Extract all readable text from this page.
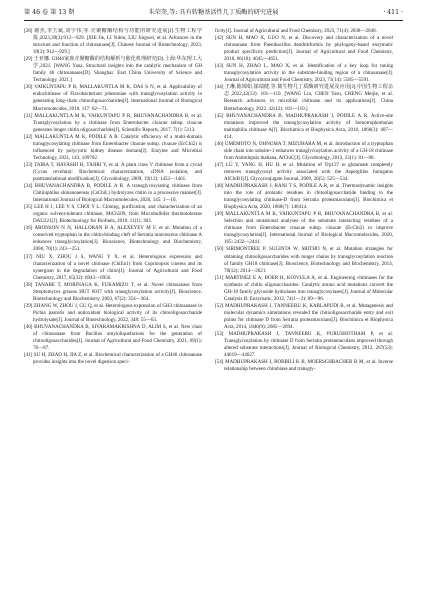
第 46 卷 第 13 期	朱荣奎,等: 具有转糖基活性几丁质酶的研究进展	· 411 ·

[28] 谢杰,李玉斌,刘宇伟,等.壳聚糖酶结构与功能的研究进展[J].生物工程学报,2023,39(3):912—929. [XIE Jie, LI Yubin, LIU Jingwei, et al. Advances in the structure and function of chitosanase[J]. Chinese Journal of Biotechnology, 2023, 39(3): 912—929.]

[29] 王亚娜. GH46家族壳聚糖酶的结构解析与催化机理研究[D].上海:华东理工大学,2021. [WANG Yana. Structural insights into the catalytic mechanism of GH family 46 chitosanases[D]. Shanghai: East China University of Science and Technology, 2021.]

[30] VAIKUNTAPU P R, MALLAKUNTLA M K, DAS S N, et al. Applicability of endochitinase of Flavobacterium johnsoniae with transglycosylation activity in generating long-chain chitooligosaccharides[J]. International Journal of Biological Macromolecules, 2018, 117: 62—71.

[31] MALLAKUNTLA M K, VAIKUNTAPU P R, BHUVANACHANDRA B, et al. Transglycosylation by a chitinase from Enterobacter cloacae subsp. cloacae generates longer chitin oligosaccharides[J]. Scientific Reports, 2017, 7(1): 5113.

[32] MALLAKUNTLA M K, PODILE A R. Catalytic efficiency of a multi-domain transglycosylating chitinase from Enterobacter cloacae subsp. cloacae (EcChi2) is influenced by polycystic kidney disease domain[J]. Enzyme and Microbial Technology, 2021, 143: 109702.

[33] TAIRA T, HAYASHI H, TAJIRI Y, et al. A plant class V chitinase from a cycad (Cycas revoluta): Biochemical characterization, cDNA isolation, and posttranslational modification[J]. Glycobiology, 2009, 19(12): 1452—1461.

[34] BHUVANACHANDRA B, PODILE A R. A transglycosylating chitinase from Chitiniphilus shinanonensis (CsChiL) hydrolyzes chitin in a processive manner[J]. International Journal of Biological Macromolecules, 2020, 145: 1—10.

[35] LEE H J, LEE Y S, CHOI Y L. Cloning, purification, and characterization of an organic solvent-tolerant chitinase, MtCh509, from Microbulbifer thermotolerans DAU221[J]. Biotechnology for Biofuels, 2018, 11(1): 303.

[36] ARONSON N N, HALLORAN B A, ALEXEYEV M F, et al. Mutation of a conserved tryptophan in the chitin-binding cleft of Serratia marcescens chitinase A enhances transglycosylation[J]. Bioscience, Biotechnology and Biochemistry, 2006, 70(1): 243—251.

[37] NIU X, ZHOU J S, WANG Y X, et al. Heterologous expression and characterization of a novel chitinase (ChiEn1) from Coprinopsis cinerea and its synergism in the degradation of chitin[J]. Journal of Agricultural and Food Chemistry, 2017, 65(32): 6943—6956.

[38] TANABE T, MORINAGA K, FUKAMIZO T, et al. Novel chitosanase from Streptomyces griseus HUT 6037 with transglycosylation activity[J]. Bioscience, Biotechnology and Biochemistry, 2003, 67(2): 354—364.

[39] ZHANG W, ZHOU J, GU Q, et al. Heterologous expression of GH3 chitosanase in Pichia pastoris and antioxidant biological activity of its chitooligosaccharide hydrolysate[J]. Journal of Biotechnology, 2022, 348: 55—63.

[40] BHUVANACHANDRA B, SIVARAMAKRISHNA D, ALIM S, et al. New class of chitosanase from Bacillus amyloliquefaciens for the generation of chitooligosaccharides[J]. Journal of Agricultural and Food Chemistry, 2021, 69(1): 78—87.

[41] SU H, ZHAO H, JIA Z, et al. Biochemical characterization of a GH46 chitosanase provides insights into the novel digestion speci-

ficity[J]. Journal of Agricultural and Food Chemistry, 2023, 71(4): 2038—2048.

[42] SUN H, MAO X, GUO N, et al. Discovery and characterization of a novel chitosanase from Paenibacillus dendritiformis by phylogeny-based enzymatic product specificity prediction[J]. Journal of Agricultural and Food Chemistry, 2018, 66(18): 4645—4651.

[43] SUN H, ZHAO L, MAO X, et al. Identification of a key loop for tuning transglycosylation activity in the substrate-binding region of a chitosanase[J]. Journal of Agricultural and Food Chemistry, 2023, 71(14): 5585—5591.

[44] 王琳,陈锦如,郁瑞健,等.微生物几丁质酶研究进展及应用[J].中国生物工程杂志,2022,42(12): 101—110. [WANG Lin, CHEN Yaru, CHENG Meijie, et al. Research advances in microbial chitinase and its applications[J]. China Biotechnology, 2022, 42(12): 101—110.]

[45] BHUVANACHANDRA B, MADHUPRAKASH J, PODILE A R. Active-site mutations improved the transglycosylation activity of Stenotrophomonas maltophilia chitinase A[J]. Biochimica et Biophysica Acta, 2018, 1866(3): 407—414.

[46] UMEMOTO N, OHNUMA T, MIZUHARA M, et al. Introduction of a tryptophan side chain into subsite+1 enhances transglycosylation activity of a GH-18 chitinase from Arabidopsis thaliana, AtChiC[J]. Glycobiology, 2013, 23(1): 81—90.

[47] LÜ Y, YANG H, HU H, et al. Mutation of Trp137 to glutamate completely removes transglycosyl activity associated with the Aspergillus fumigatus AfChiB1[J]. Glycoconjugate Journal, 2009, 26(5): 525—534.

[48] MADHUPRAKASH J, RANI T S, PODILE A R, et al. Thermodynamic insights into the role of aromatic residues in chitooligosaccharide binding to the transglycosylating chitinase-D from Serratia proteamaculans[J]. Biochimica et Biophysica Acta, 2020, 1868(7): 140414.

[49] MALLAKUNTLA M K, VAIKUNTAPU P R, BHUVANACHANDRA B, et al. Selection and mutational analyses of the substrate interacting residues of a chitinase from Enterobacter cloacae subsp. cloacae (EcChi2) to improve transglycosylation[J]. International Journal of Biological Macromolecules, 2020, 165: 2432—2441.

[50] SIRIMONTREE P, SUGINTA W, SRITHO N, et al. Mutation strategies for obtaining chitooligosaccharides with longer chains by transglycosylation reaction of family GH18 chitinase[J]. Bioscience, Biotechnology and Biochemistry, 2014, 78(12): 2014—2021.

[51] MARTINEZ E A, BOER H, KOIVULA A, et al. Engineering chitinases for the synthesis of chitin oligosaccharides: Catalytic amino acid mutations convert the GH-18 family glycoside hydrolases into transglycosylases[J]. Journal of Molecular Catalysis B: Enzymatic, 2012, 74(1—2): 89—96.

[52] MADHUPRAKASH J, TANNEERU K, KARLAPUDI B, et al. Mutagenesis and molecular dynamics simulations revealed the chitooligosaccharide entry and exit points for chitinase D from Serratia proteamaculans[J]. Biochimica et Biophysica Acta, 2014, 1840(9): 2685—2694.

[53] MADHUPRAKASH J, TANNEERU K, PURUSHOTHAM P, et al. Transglycosylation by chitinase D from Serratia proteamaculans improved through altered substrate interactions[J]. Journal of Biological Chemistry, 2012, 287(53): 44619—44627.

[54] MADHUPRAKASH J, BOBBILI K B, MOERSCHBACHER B M, et al. Inverse relationship between chitobiase and transgly-
